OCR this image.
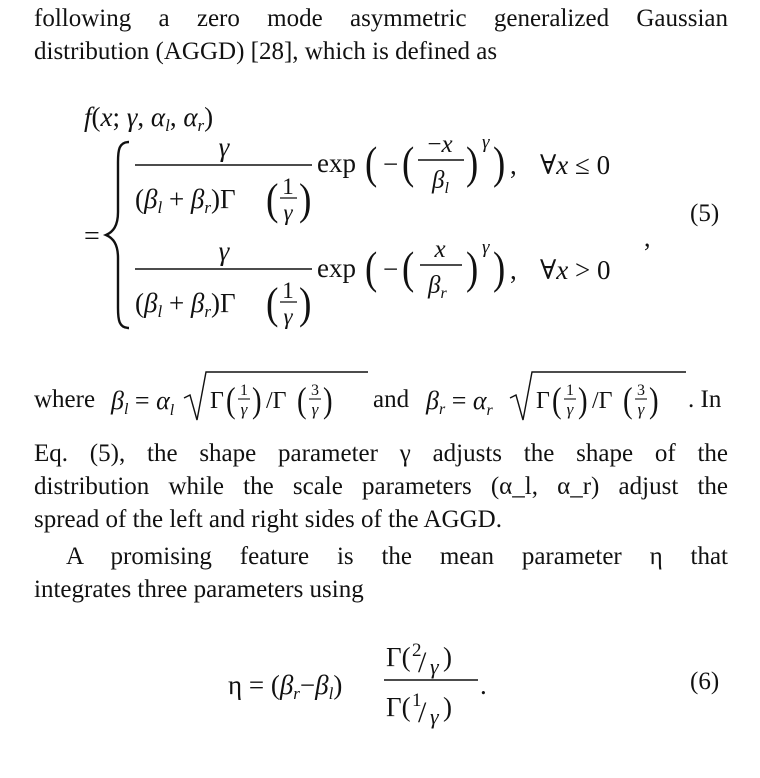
following a zero mode asymmetric generalized Gaussian
distribution (AGGD) [28], which is defined as
f(x; γ, αl, αr)
=
γ
(βl + βr)Γ ( 1
γ )
exp ( − ( −x
$\beta_l$ ) γ ) , ∀x ≤ 0
γ
(βl + βr)Γ ( 1
γ )
exp ( − ( x
$\beta_r$ ) γ ) , ∀x > 0
,
$\beta l = \alpha_l$ Γ ( 1
γ ) /Γ ( 3
γ )	$\beta r = \alpha_r$ Γ ( 1
γ ) /Γ ( 3
γ )
η = (βr−βl)
Γ( 2
/ γ )
Γ( 1
/ γ )
.
(5)
(6)
where	and	. In
Eq. (5), the shape parameter γ adjusts the shape of the
distribution while the scale parameters (α_l, α_r) adjust the
spread of the left and right sides of the AGGD.
A promising feature is the mean parameter η that
integrates three parameters using
